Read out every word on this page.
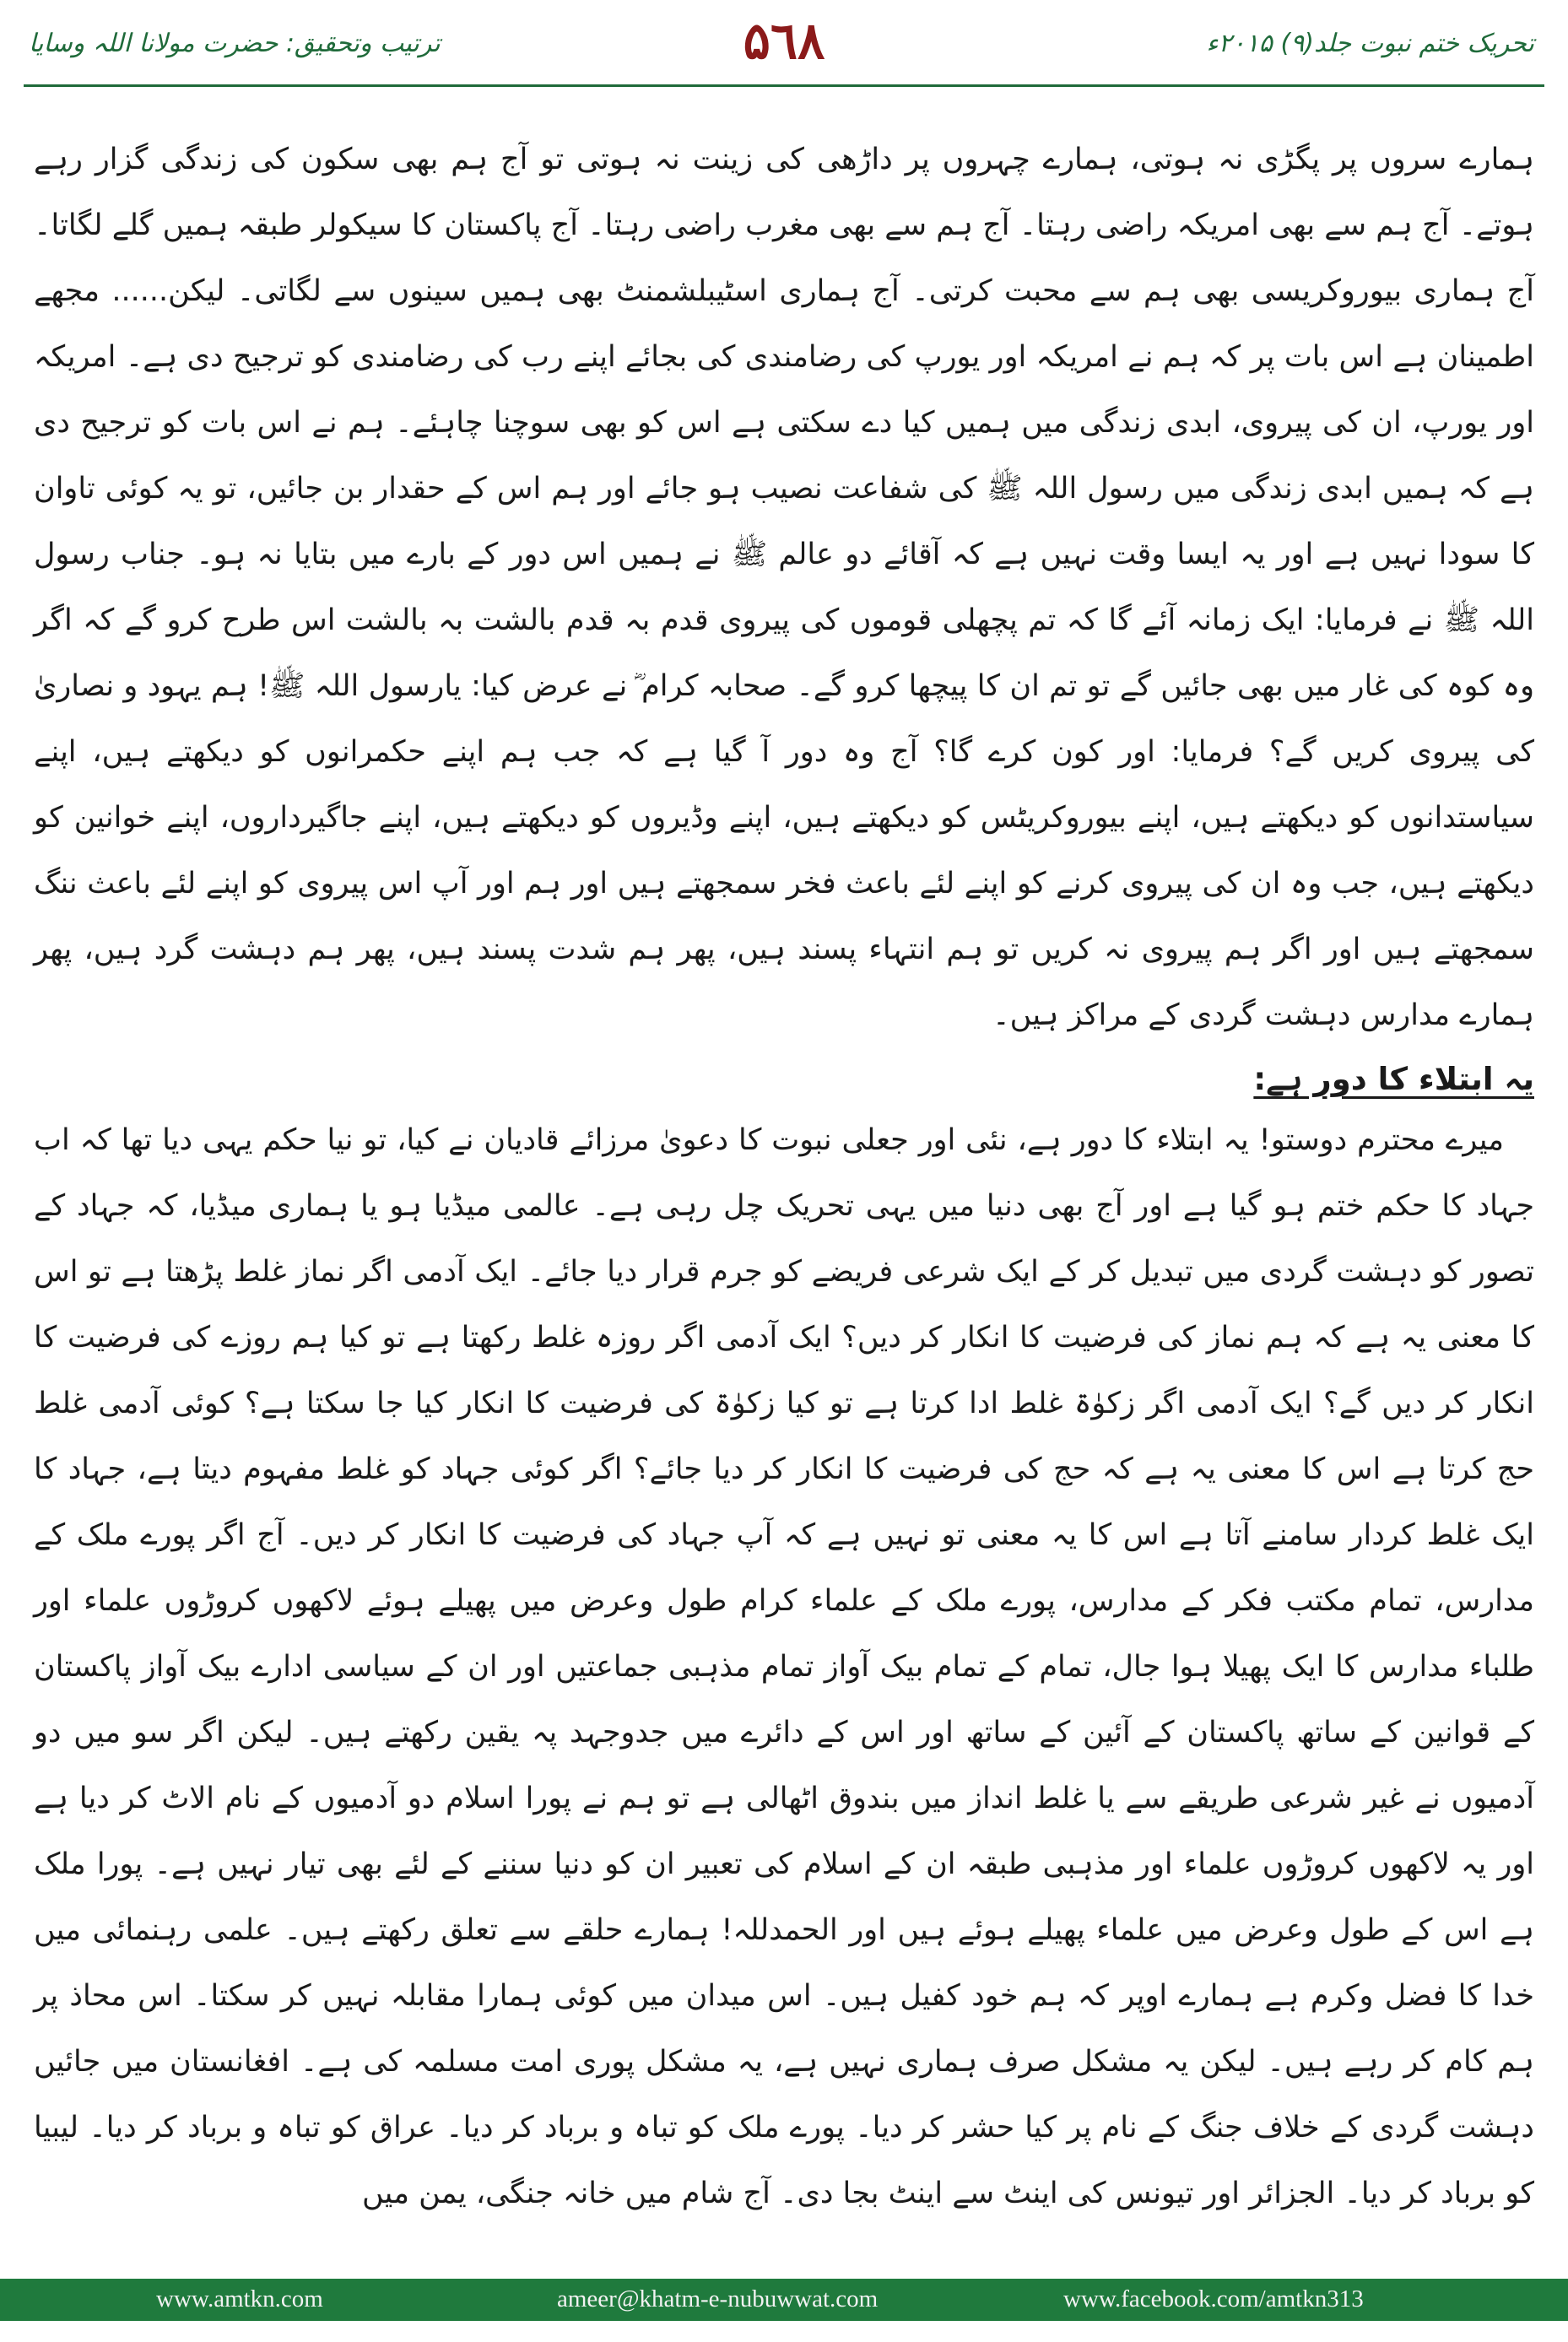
تحریک ختم نبوت جلد(۹) ۲۰۱۵ء
۵٦۸
ترتیب وتحقیق: حضرت مولانا اللہ وسایا

ہمارے سروں پر پگڑی نہ ہوتی، ہمارے چہروں پر داڑھی کی زینت نہ ہوتی تو آج ہم بھی سکون کی زندگی گزار رہے ہوتے۔ آج ہم سے بھی امریکہ راضی رہتا۔ آج ہم سے بھی مغرب راضی رہتا۔ آج پاکستان کا سیکولر طبقہ ہمیں گلے لگاتا۔ آج ہماری بیوروکریسی بھی ہم سے محبت کرتی۔ آج ہماری اسٹیبلشمنٹ بھی ہمیں سینوں سے لگاتی۔ لیکن...... مجھے اطمینان ہے اس بات پر کہ ہم نے امریکہ اور یورپ کی رضامندی کی بجائے اپنے رب کی رضامندی کو ترجیح دی ہے۔ امریکہ اور یورپ، ان کی پیروی، ابدی زندگی میں ہمیں کیا دے سکتی ہے اس کو بھی سوچنا چاہئے۔ ہم نے اس بات کو ترجیح دی ہے کہ ہمیں ابدی زندگی میں رسول اللہ ﷺ کی شفاعت نصیب ہو جائے اور ہم اس کے حقدار بن جائیں، تو یہ کوئی تاوان کا سودا نہیں ہے اور یہ ایسا وقت نہیں ہے کہ آقائے دو عالم ﷺ نے ہمیں اس دور کے بارے میں بتایا نہ ہو۔ جناب رسول اللہ ﷺ نے فرمایا: ایک زمانہ آئے گا کہ تم پچھلی قوموں کی پیروی قدم بہ قدم بالشت بہ بالشت اس طرح کرو گے کہ اگر وہ کوہ کی غار میں بھی جائیں گے تو تم ان کا پیچھا کرو گے۔ صحابہ کرام ؓ نے عرض کیا: یارسول اللہ ﷺ! ہم یہود و نصاریٰ کی پیروی کریں گے؟ فرمایا: اور کون کرے گا؟ آج وہ دور آ گیا ہے کہ جب ہم اپنے حکمرانوں کو دیکھتے ہیں، اپنے سیاستدانوں کو دیکھتے ہیں، اپنے بیوروکریٹس کو دیکھتے ہیں، اپنے وڈیروں کو دیکھتے ہیں، اپنے جاگیرداروں، اپنے خوانین کو دیکھتے ہیں، جب وہ ان کی پیروی کرنے کو اپنے لئے باعث فخر سمجھتے ہیں اور ہم اور آپ اس پیروی کو اپنے لئے باعث ننگ سمجھتے ہیں اور اگر ہم پیروی نہ کریں تو ہم انتہاء پسند ہیں، پھر ہم شدت پسند ہیں، پھر ہم دہشت گرد ہیں، پھر ہمارے مدارس دہشت گردی کے مراکز ہیں۔

یہ ابتلاء کا دور ہے:

میرے محترم دوستو! یہ ابتلاء کا دور ہے، نئی اور جعلی نبوت کا دعویٰ مرزائے قادیان نے کیا، تو نیا حکم یہی دیا تھا کہ اب جہاد کا حکم ختم ہو گیا ہے اور آج بھی دنیا میں یہی تحریک چل رہی ہے۔ عالمی میڈیا ہو یا ہماری میڈیا، کہ جہاد کے تصور کو دہشت گردی میں تبدیل کر کے ایک شرعی فریضے کو جرم قرار دیا جائے۔ ایک آدمی اگر نماز غلط پڑھتا ہے تو اس کا معنی یہ ہے کہ ہم نماز کی فرضیت کا انکار کر دیں؟ ایک آدمی اگر روزہ غلط رکھتا ہے تو کیا ہم روزے کی فرضیت کا انکار کر دیں گے؟ ایک آدمی اگر زکوٰۃ غلط ادا کرتا ہے تو کیا زکوٰۃ کی فرضیت کا انکار کیا جا سکتا ہے؟ کوئی آدمی غلط حج کرتا ہے اس کا معنی یہ ہے کہ حج کی فرضیت کا انکار کر دیا جائے؟ اگر کوئی جہاد کو غلط مفہوم دیتا ہے، جہاد کا ایک غلط کردار سامنے آتا ہے اس کا یہ معنی تو نہیں ہے کہ آپ جہاد کی فرضیت کا انکار کر دیں۔ آج اگر پورے ملک کے مدارس، تمام مکتب فکر کے مدارس، پورے ملک کے علماء کرام طول وعرض میں پھیلے ہوئے لاکھوں کروڑوں علماء اور طلباء مدارس کا ایک پھیلا ہوا جال، تمام کے تمام بیک آواز تمام مذہبی جماعتیں اور ان کے سیاسی ادارے بیک آواز پاکستان کے قوانین کے ساتھ پاکستان کے آئین کے ساتھ اور اس کے دائرے میں جدوجہد پہ یقین رکھتے ہیں۔ لیکن اگر سو میں دو آدمیوں نے غیر شرعی طریقے سے یا غلط انداز میں بندوق اٹھالی ہے تو ہم نے پورا اسلام دو آدمیوں کے نام الاٹ کر دیا ہے اور یہ لاکھوں کروڑوں علماء اور مذہبی طبقہ ان کے اسلام کی تعبیر ان کو دنیا سننے کے لئے بھی تیار نہیں ہے۔ پورا ملک ہے اس کے طول وعرض میں علماء پھیلے ہوئے ہیں اور الحمدللہ! ہمارے حلقے سے تعلق رکھتے ہیں۔ علمی رہنمائی میں خدا کا فضل وکرم ہے ہمارے اوپر کہ ہم خود کفیل ہیں۔ اس میدان میں کوئی ہمارا مقابلہ نہیں کر سکتا۔ اس محاذ پر ہم کام کر رہے ہیں۔ لیکن یہ مشکل صرف ہماری نہیں ہے، یہ مشکل پوری امت مسلمہ کی ہے۔ افغانستان میں جائیں دہشت گردی کے خلاف جنگ کے نام پر کیا حشر کر دیا۔ پورے ملک کو تباہ و برباد کر دیا۔ عراق کو تباہ و برباد کر دیا۔ لیبیا کو برباد کر دیا۔ الجزائر اور تیونس کی اینٹ سے اینٹ بجا دی۔ آج شام میں خانہ جنگی، یمن میں

www.amtkn.com	ameer@khatm-e-nubuwwat.com	www.facebook.com/amtkn313
